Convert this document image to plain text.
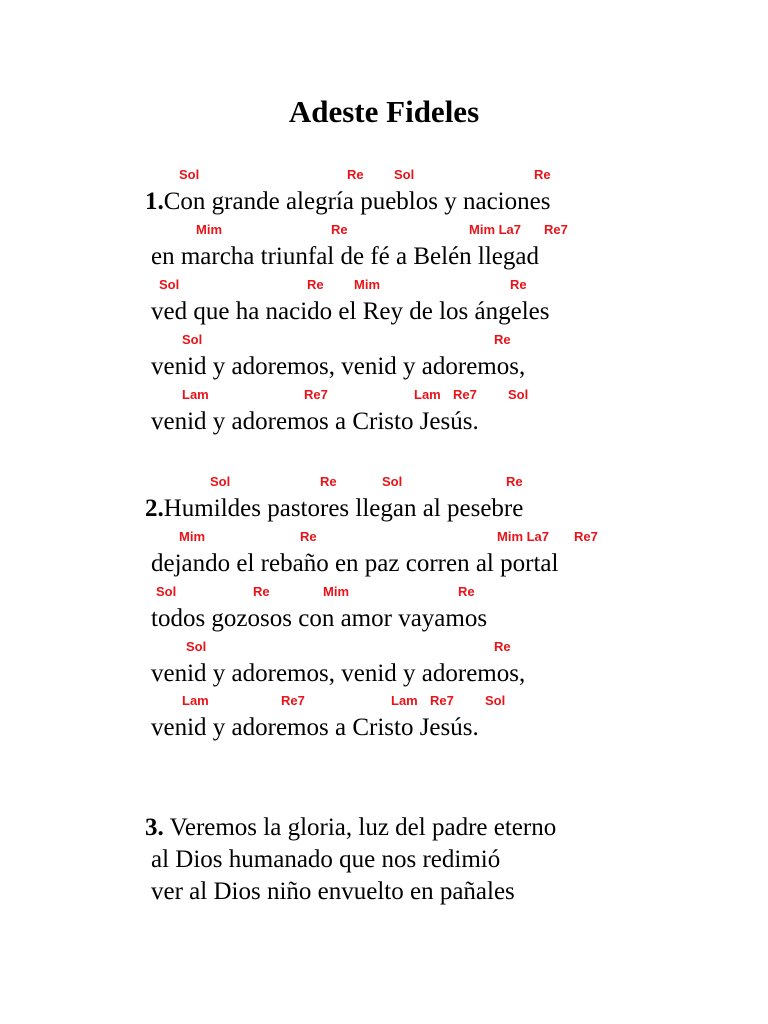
Adeste Fideles
Sol	Re Sol	Re
1.Con grande alegría pueblos y naciones
Mim	Re	Mim La7 Re7
en marcha triunfal de fé a Belén llegad
Sol	Re Mim	Re
ved que ha nacido el Rey de los ángeles
Sol	Re
venid y adoremos, venid y adoremos,
Lam	Re7	Lam Re7 Sol
venid y adoremos a Cristo Jesús.
Sol	Re	Sol	Re
2.Humildes pastores llegan al pesebre
Mim	Re	Mim La7 Re7
dejando el rebaño en paz corren al portal
Sol	Re	Mim	Re
todos gozosos con amor vayamos
Sol	Re
venid y adoremos, venid y adoremos,
Lam	Re7	Lam Re7 Sol
venid y adoremos a Cristo Jesús.
3. Veremos la gloria, luz del padre eterno
al Dios humanado que nos redimió
ver al Dios niño envuelto en pañales
